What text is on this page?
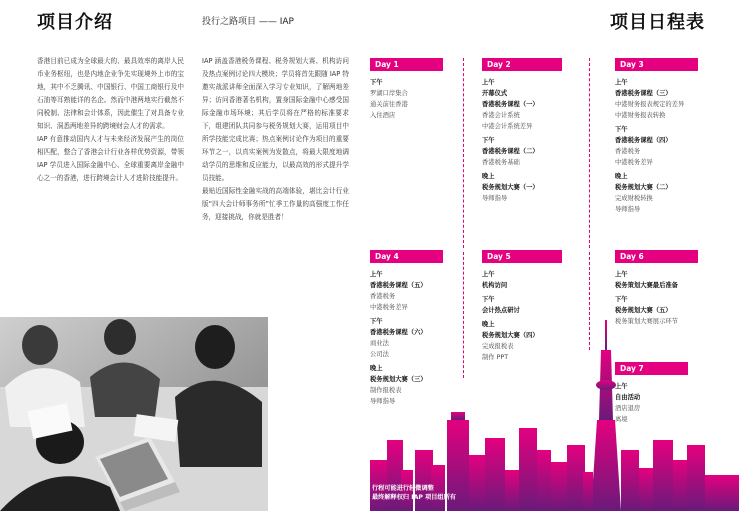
项目介绍	投行之路项目 —— IAP	项目日程表

香港目前已成为全球最大的、最具效率的离岸人民币业务枢纽，也是内地企业争先实现境外上市的宝地，其中不乏腾讯、中国银行、中国工商银行及中石油等耳熟能详的名企。然而中港两地实行截然不同税制、法律和会计体系，因此催生了对具备专业知识、洞悉两地差异的跨境财会人才的需求。

IAP 有意推动国内人才与未来经济发展产生的岗位相匹配，整合了香港会计行业各样优势资源，带领 IAP 学员进入国际金融中心、全球重要离岸金融中心之一的香港，进行跨境会计人才进阶技能提升。

IAP 涵盖香港税务课程、税务规划大赛、机构访问及热点案例讨论四大模块；学员将首先跟随 IAP 特邀实战派讲师全面深入学习专业知识，了解两地差异；访问香港著名机构，置身国际金融中心感受国际金融市场环境；其后学员将在严格的标准要求下，组建团队共同参与税务规划大赛，运用项目中所学技能完成比赛；热点案例讨论作为项目的重要环节之一，以真实案例为发散点，将最大限度地调动学员的思维和反应能力，以最高效的形式提升学员技能。

最贴近国际性金融实战的高端体验，堪比会计行业版“四大会计师事务所”忙季工作量的高强度工作任务，迎接挑战，你就是胜者！

Day 1
下午
罗湖口岸集合
通关前往香港
入住酒店
Day 2
上午
开幕仪式
香港税务课程（一）
香港会计系统
中港会计系统差异
下午
香港税务课程（二）
香港税务基础
晚上
税务规划大赛（一）
导师指导
Day 3
上午
香港税务课程（三）
中港财务报表规定的差异
中港财务报表转换
下午
香港税务课程（四）
香港税务
中港税务差异
晚上
税务规划大赛（二）
完成财税转换
导师指导
Day 4
上午
香港税务课程（五）
香港税务
中港税务差异
下午
香港税务课程（六）
商业法
公司法
晚上
税务规划大赛（三）
制作报税表
导师指导
Day 5
上午
机构访问
下午
会计热点研讨
晚上
税务规划大赛（四）
完成报税表
制作 PPT
Day 6
上午
税务策划大赛最后准备
下午
税务规划大赛（五）
税务策划大赛展示环节
Day 7
上午
自由活动
酒店退房
离境
行程可能进行轻微调整
最终解释权归 IAP 项目组所有
